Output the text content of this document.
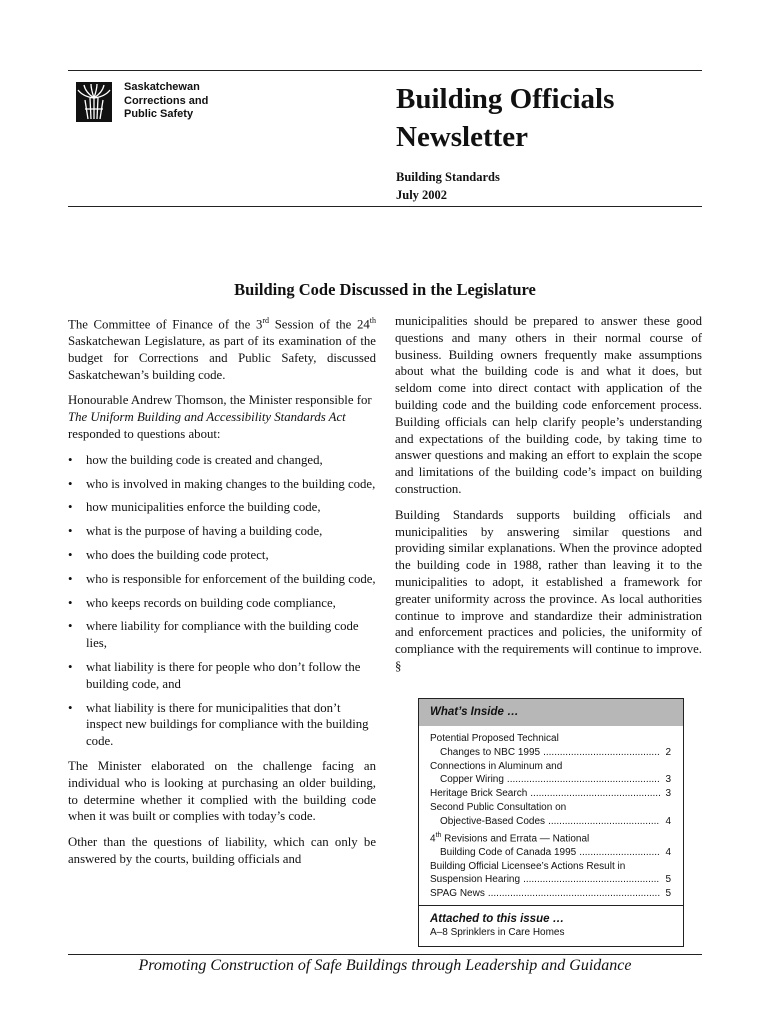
Saskatchewan
Corrections and
Public Safety	Building Officials
Newsletter
Building Standards
July 2002
Building Code Discussed in the Legislature

The Committee of Finance of the 3rd Session of the 24th Saskatchewan Legislature, as part of its examination of the budget for Corrections and Public Safety, discussed Saskatchewan’s building code.

Honourable Andrew Thomson, the Minister responsible for The Uniform Building and Accessibility Standards Act responded to questions about:

• how the building code is created and changed,
• who is involved in making changes to the building code,
• how municipalities enforce the building code,
• what is the purpose of having a building code,
• who does the building code protect,
• who is responsible for enforcement of the building code,
• who keeps records on building code compliance,
• where liability for compliance with the building code lies,
• what liability is there for people who don’t follow the building code, and
• what liability is there for municipalities that don’t inspect new buildings for compliance with the building code.

The Minister elaborated on the challenge facing an individual who is looking at purchasing an older building, to determine whether it complied with the building code when it was built or complies with today’s code.

Other than the questions of liability, which can only be answered by the courts, building officials and

municipalities should be prepared to answer these good questions and many others in their normal course of business. Building owners frequently make assumptions about what the building code is and what it does, but seldom come into direct contact with application of the building code and the building code enforcement process. Building officials can help clarify people’s understanding and expectations of the building code, by taking time to answer questions and making an effort to explain the scope and limitations of the building code’s impact on building construction.

Building Standards supports building officials and municipalities by answering similar questions and providing similar explanations. When the province adopted the building code in 1988, rather than leaving it to the municipalities to adopt, it established a framework for greater uniformity across the province. As local authorities continue to improve and standardize their administration and enforcement practices and policies, the uniformity of compliance with the requirements will continue to improve. §

What’s Inside …
Potential Proposed Technical
Changes to NBC 1995 .....	2
Connections in Aluminum and
Copper Wiring .....	3
Heritage Brick Search .....	3
Second Public Consultation on
Objective-Based Codes .....	4
4th Revisions and Errata — National
Building Code of Canada 1995 .....	4
Building Official Licensee’s Actions Result in
Suspension Hearing .....	5
SPAG News .....	5
Attached to this issue …
A–8 Sprinklers in Care Homes
Promoting Construction of Safe Buildings through Leadership and Guidance
